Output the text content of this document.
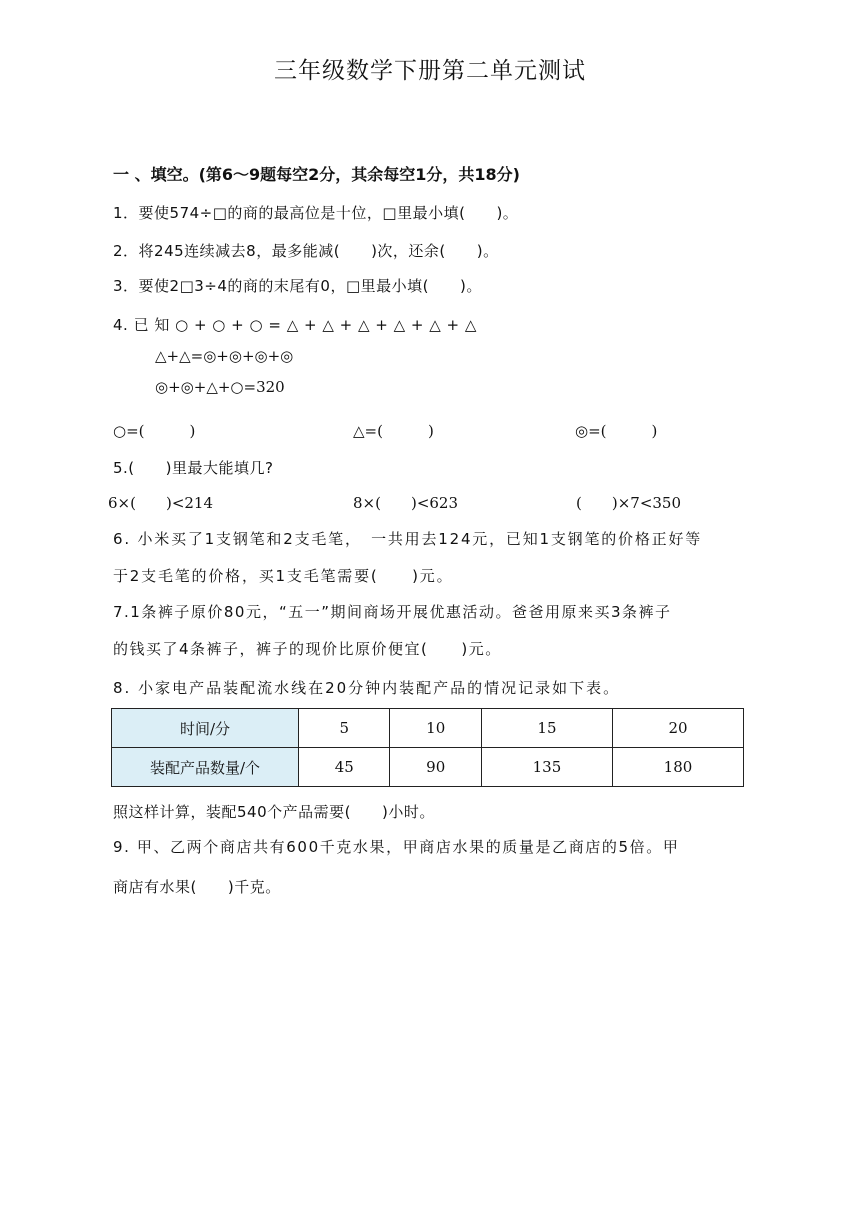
三年级数学下册第二单元测试
一 、填空。(第6～9题每空2分，其余每空1分，共18分)
1．要使574÷□的商的最高位是十位，□里最小填(　　)。
2．将245连续减去8，最多能减(　　)次，还余(　　)。
3．要使2□3÷4的商的末尾有0，□里最小填(　　)。
4. 已 知 ○ + ○ + ○ = △ + △ + △ + △ + △ + △
△+△=◎+◎+◎+◎
◎+◎+△+○=320
○=(　　　)	△=(　　　)	◎=(　　　)
5.(　　)里最大能填几?
6×(　　)<214	8×(　　)<623	(　　)×7<350
6. 小米买了1支钢笔和2支毛笔，　一共用去124元，已知1支钢笔的价格正好等
于2支毛笔的价格，买1支毛笔需要(　　)元。
7.1条裤子原价80元，“五一”期间商场开展优惠活动。爸爸用原来买3条裤子
的钱买了4条裤子，裤子的现价比原价便宜(　　)元。
8. 小家电产品装配流水线在20分钟内装配产品的情况记录如下表。
时间/分	5	10	15	20
装配产品数量/个	45	90	135	180
照这样计算，装配540个产品需要(　　)小时。
9. 甲、乙两个商店共有600千克水果，甲商店水果的质量是乙商店的5倍。甲
商店有水果(　　)千克。
